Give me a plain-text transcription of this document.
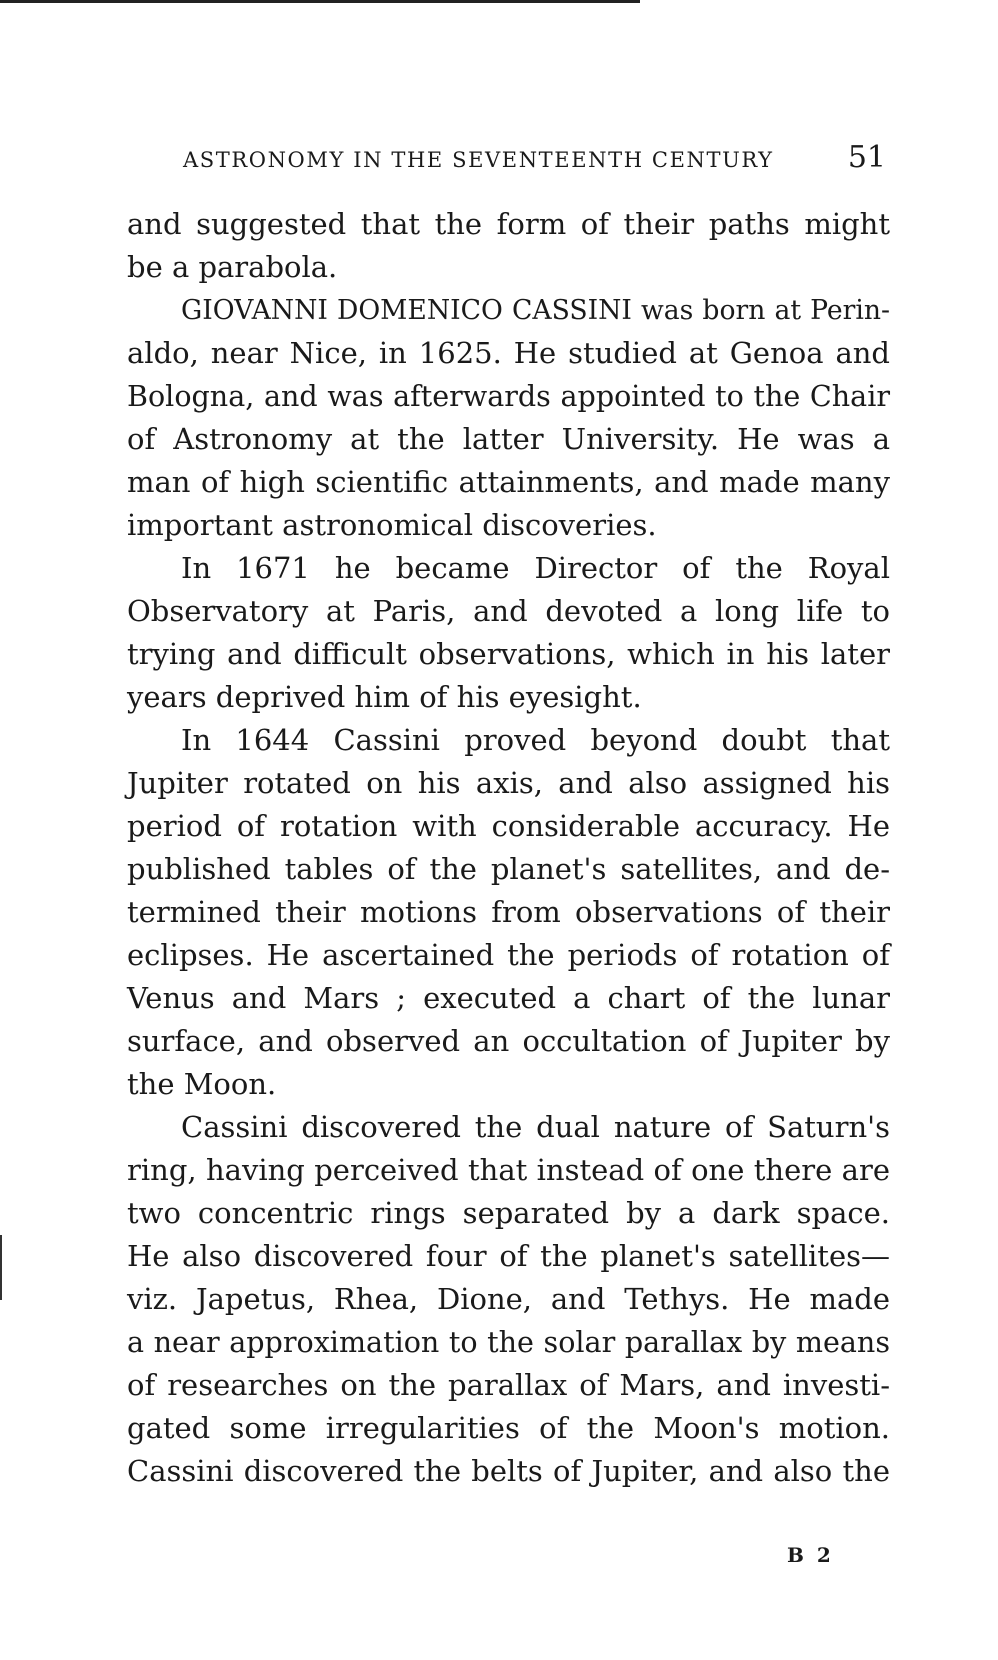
ASTRONOMY IN THE SEVENTEENTH CENTURY 51
and suggested that the form of their paths might
be a parabola.
GIOVANNI DOMENICO CASSINI was born at Perin-
aldo, near Nice, in 1625. He studied at Genoa and
Bologna, and was afterwards appointed to the Chair
of Astronomy at the latter University. He was a
man of high scientific attainments, and made many
important astronomical discoveries.
In 1671 he became Director of the Royal
Observatory at Paris, and devoted a long life to
trying and difficult observations, which in his later
years deprived him of his eyesight.
In 1644 Cassini proved beyond doubt that
Jupiter rotated on his axis, and also assigned his
period of rotation with considerable accuracy. He
published tables of the planet's satellites, and de-
termined their motions from observations of their
eclipses. He ascertained the periods of rotation of
Venus and Mars ; executed a chart of the lunar
surface, and observed an occultation of Jupiter by
the Moon.
Cassini discovered the dual nature of Saturn's
ring, having perceived that instead of one there are
two concentric rings separated by a dark space.
He also discovered four of the planet's satellites—
viz. Japetus, Rhea, Dione, and Tethys. He made
a near approximation to the solar parallax by means
of researches on the parallax of Mars, and investi-
gated some irregularities of the Moon's motion.
Cassini discovered the belts of Jupiter, and also the
B 2
